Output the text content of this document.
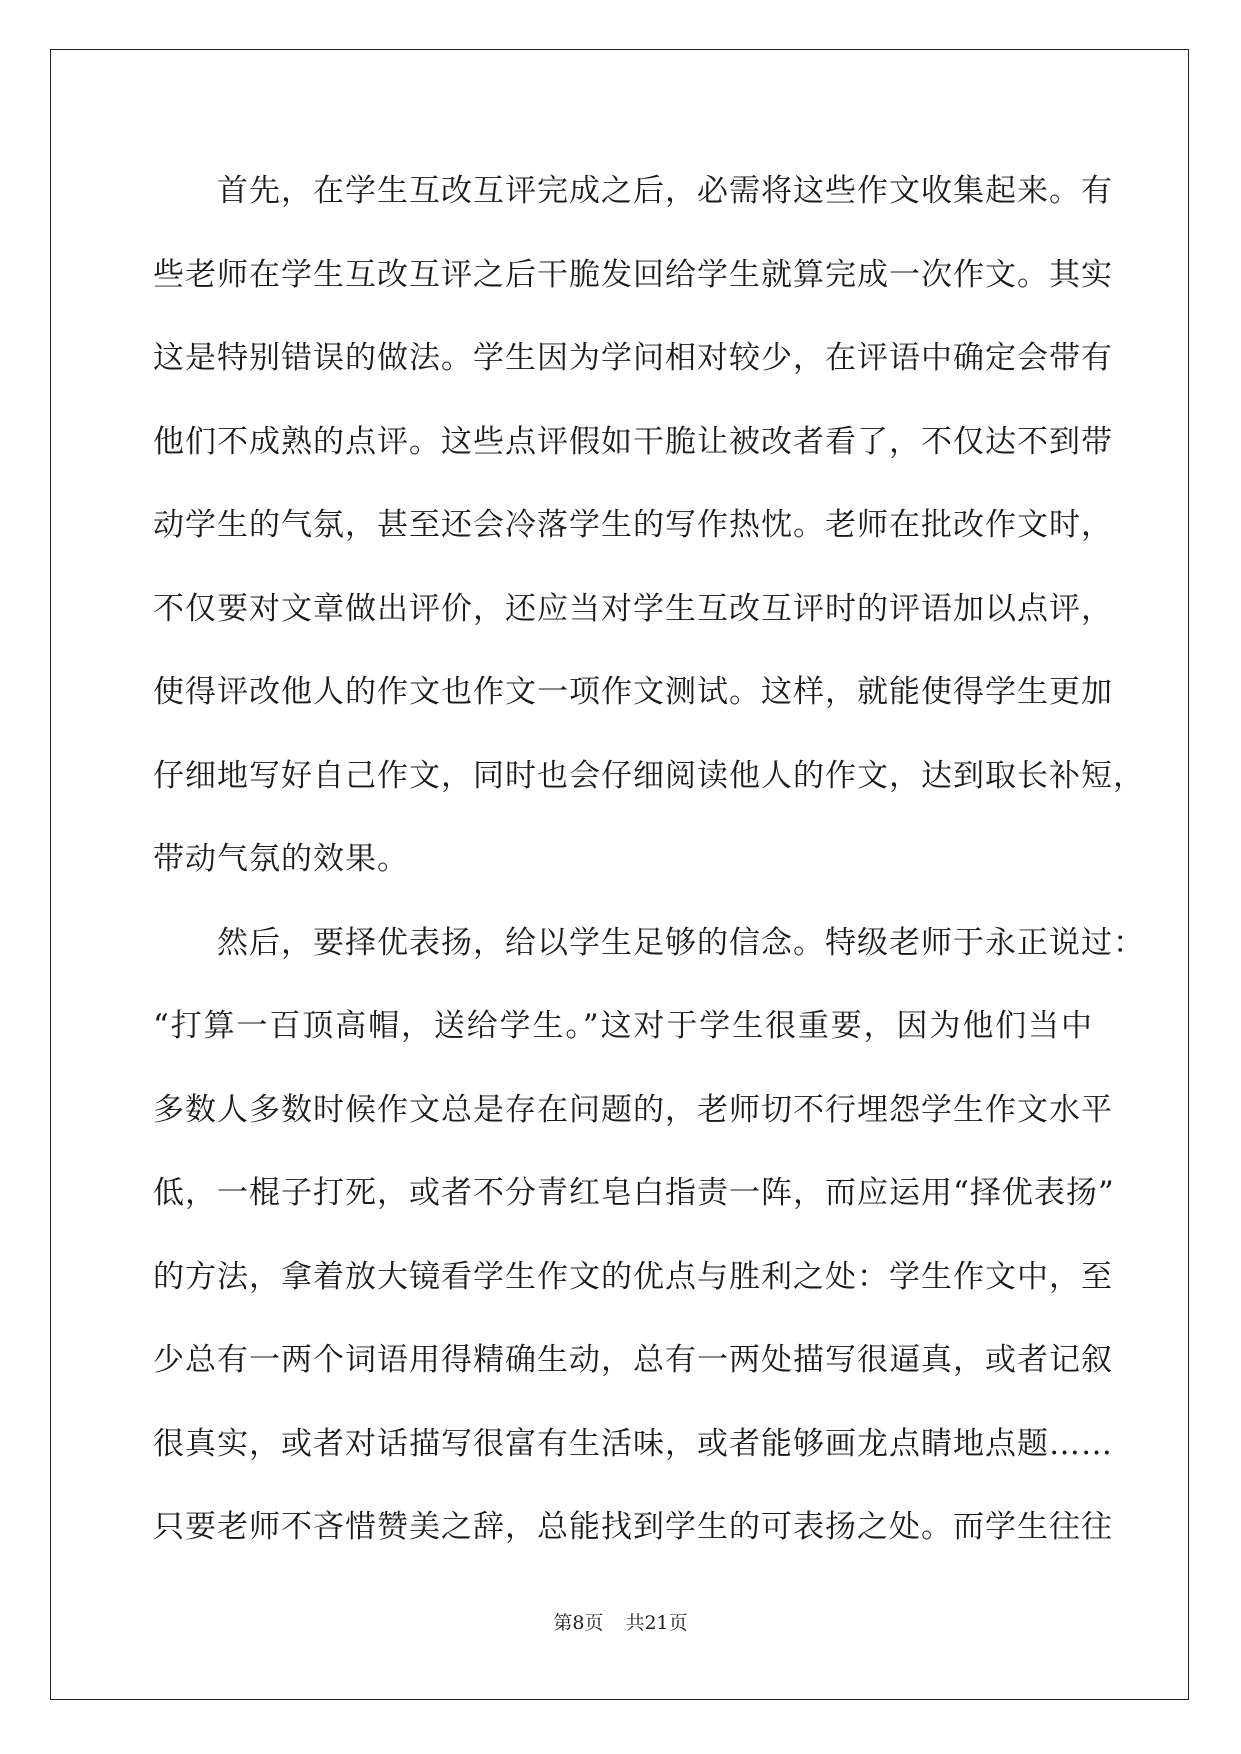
首先，在学生互改互评完成之后，必需将这些作文收集起来。有
些老师在学生互改互评之后干脆发回给学生就算完成一次作文。其实
这是特别错误的做法。学生因为学问相对较少，在评语中确定会带有
他们不成熟的点评。这些点评假如干脆让被改者看了，不仅达不到带
动学生的气氛，甚至还会冷落学生的写作热忱。老师在批改作文时，
不仅要对文章做出评价，还应当对学生互改互评时的评语加以点评，
使得评改他人的作文也作文一项作文测试。这样，就能使得学生更加
仔细地写好自己作文，同时也会仔细阅读他人的作文，达到取长补短，
带动气氛的效果。
然后，要择优表扬，给以学生足够的信念。特级老师于永正说过：
“打算一百顶高帽，送给学生。”这对于学生很重要，因为他们当中
多数人多数时候作文总是存在问题的，老师切不行埋怨学生作文水平
低，一棍子打死，或者不分青红皂白指责一阵，而应运用“择优表扬”
的方法，拿着放大镜看学生作文的优点与胜利之处：学生作文中，至
少总有一两个词语用得精确生动，总有一两处描写很逼真，或者记叙
很真实，或者对话描写很富有生活味，或者能够画龙点睛地点题……
只要老师不吝惜赞美之辞，总能找到学生的可表扬之处。而学生往往
第8页 共21页
